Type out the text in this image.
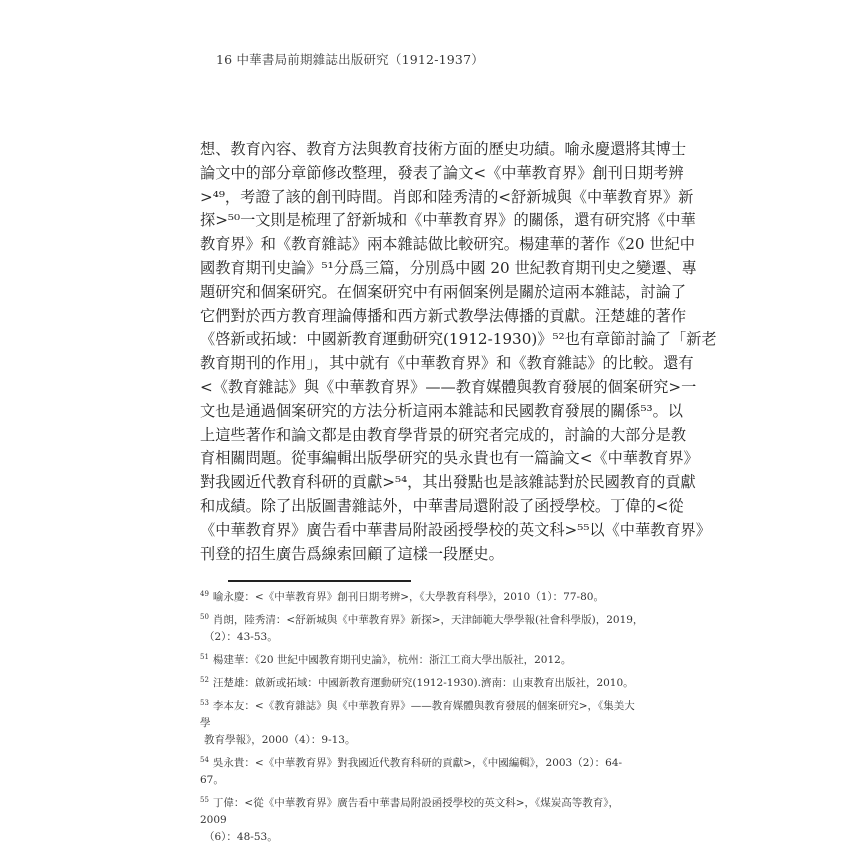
16 中華書局前期雜誌出版研究（1912-1937）
想、教育內容、教育方法與教育技術方面的歷史功績。喻永慶還將其博士
論文中的部分章節修改整理，發表了論文<《中華教育界》創刊日期考辨
>⁴⁹，考證了該的創刊時間。肖郎和陸秀清的<舒新城與《中華教育界》新
探>⁵⁰一文則是梳理了舒新城和《中華教育界》的關係，還有研究將《中華
教育界》和《教育雜誌》兩本雜誌做比較研究。楊建華的著作《20 世紀中
國教育期刊史論》⁵¹分爲三篇，分別爲中國 20 世紀教育期刊史之變遷、專
題研究和個案研究。在個案研究中有兩個案例是關於這兩本雜誌，討論了
它們對於西方教育理論傳播和西方新式教學法傳播的貢獻。汪楚雄的著作
《啓新或拓域：中國新教育運動研究(1912-1930)》⁵²也有章節討論了「新老
教育期刊的作用」，其中就有《中華教育界》和《教育雜誌》的比較。還有
<《教育雜誌》與《中華教育界》——教育媒體與教育發展的個案研究>一
文也是通過個案研究的方法分析這兩本雜誌和民國教育發展的關係⁵³。以
上這些著作和論文都是由教育學背景的研究者完成的，討論的大部分是教
育相關問題。從事編輯出版學研究的吳永貴也有一篇論文<《中華教育界》
對我國近代教育科研的貢獻>⁵⁴，其出發點也是該雜誌對於民國教育的貢獻
和成績。除了出版圖書雜誌外，中華書局還附設了函授學校。丁偉的<從
《中華教育界》廣告看中華書局附設函授學校的英文科>⁵⁵以《中華教育界》
刊登的招生廣告爲線索回顧了這樣一段歷史。
$^{49}$ 喻永慶：<《中華教育界》創刊日期考辨>，《大學教育科學》，2010（1）：77-80。
$^{50}$ 肖朗，陸秀清：<舒新城與《中華教育界》新探>，天津師範大學學報(社會科學版)，2019，
（2）：43-53。
$^{51}$ 楊建華：《20 世紀中國教育期刊史論》，杭州：浙江工商大學出版社，2012。
$^{52}$ 汪楚雄：啟新或拓域：中國新教育運動研究(1912-1930).濟南：山東教育出版社，2010。
$^{53}$ 李本友：<《教育雜誌》與《中華教育界》——教育媒體與教育發展的個案研究>，《集美大學
教育學報》，2000（4）：9-13。
$^{54}$ 吳永貴：<《中華教育界》對我國近代教育科研的貢獻>，《中國編輯》，2003（2）：64-67。
$^{55}$ 丁偉：<從《中華教育界》廣告看中華書局附設函授學校的英文科>，《煤炭高等教育》，2009
（6）：48-53。
